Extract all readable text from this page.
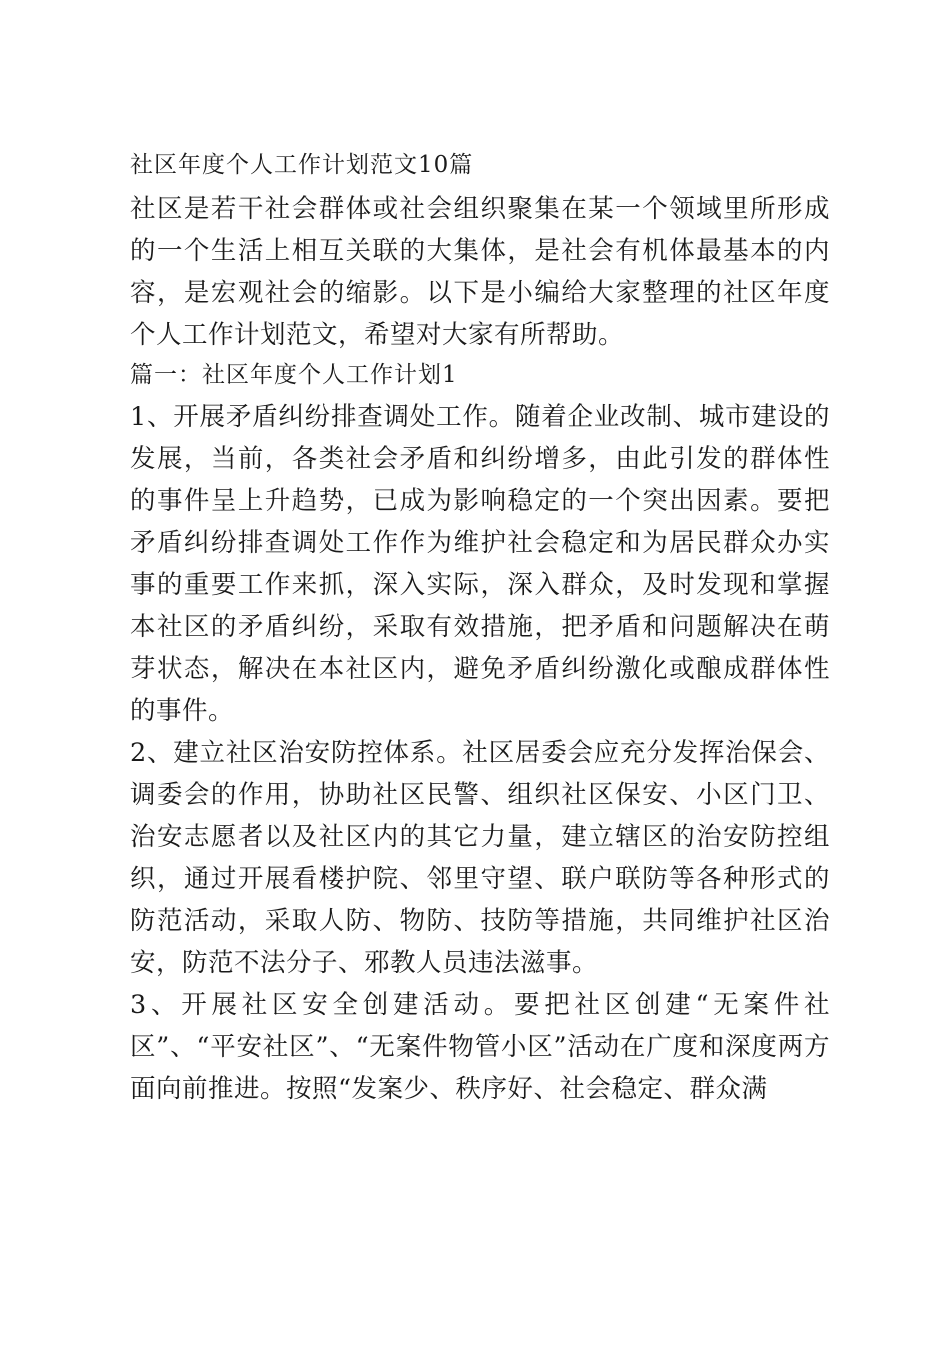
社区年度个人工作计划范文10篇

社区是若干社会群体或社会组织聚集在某一个领域里所形成的一个生活上相互关联的大集体，是社会有机体最基本的内容，是宏观社会的缩影。以下是小编给大家整理的社区年度个人工作计划范文，希望对大家有所帮助。

篇一：社区年度个人工作计划1

1、开展矛盾纠纷排查调处工作。随着企业改制、城市建设的发展，当前，各类社会矛盾和纠纷增多，由此引发的群体性的事件呈上升趋势，已成为影响稳定的一个突出因素。要把矛盾纠纷排查调处工作作为维护社会稳定和为居民群众办实事的重要工作来抓，深入实际，深入群众，及时发现和掌握本社区的矛盾纠纷，采取有效措施，把矛盾和问题解决在萌芽状态，解决在本社区内，避免矛盾纠纷激化或酿成群体性的事件。

2、建立社区治安防控体系。社区居委会应充分发挥治保会、调委会的作用，协助社区民警、组织社区保安、小区门卫、治安志愿者以及社区内的其它力量，建立辖区的治安防控组织，通过开展看楼护院、邻里守望、联户联防等各种形式的防范活动，采取人防、物防、技防等措施，共同维护社区治安，防范不法分子、邪教人员违法滋事。

3、开展社区安全创建活动。要把社区创建“无案件社区”、“平安社区”、“无案件物管小区”活动在广度和深度两方面向前推进。按照“发案少、秩序好、社会稳定、群众满
